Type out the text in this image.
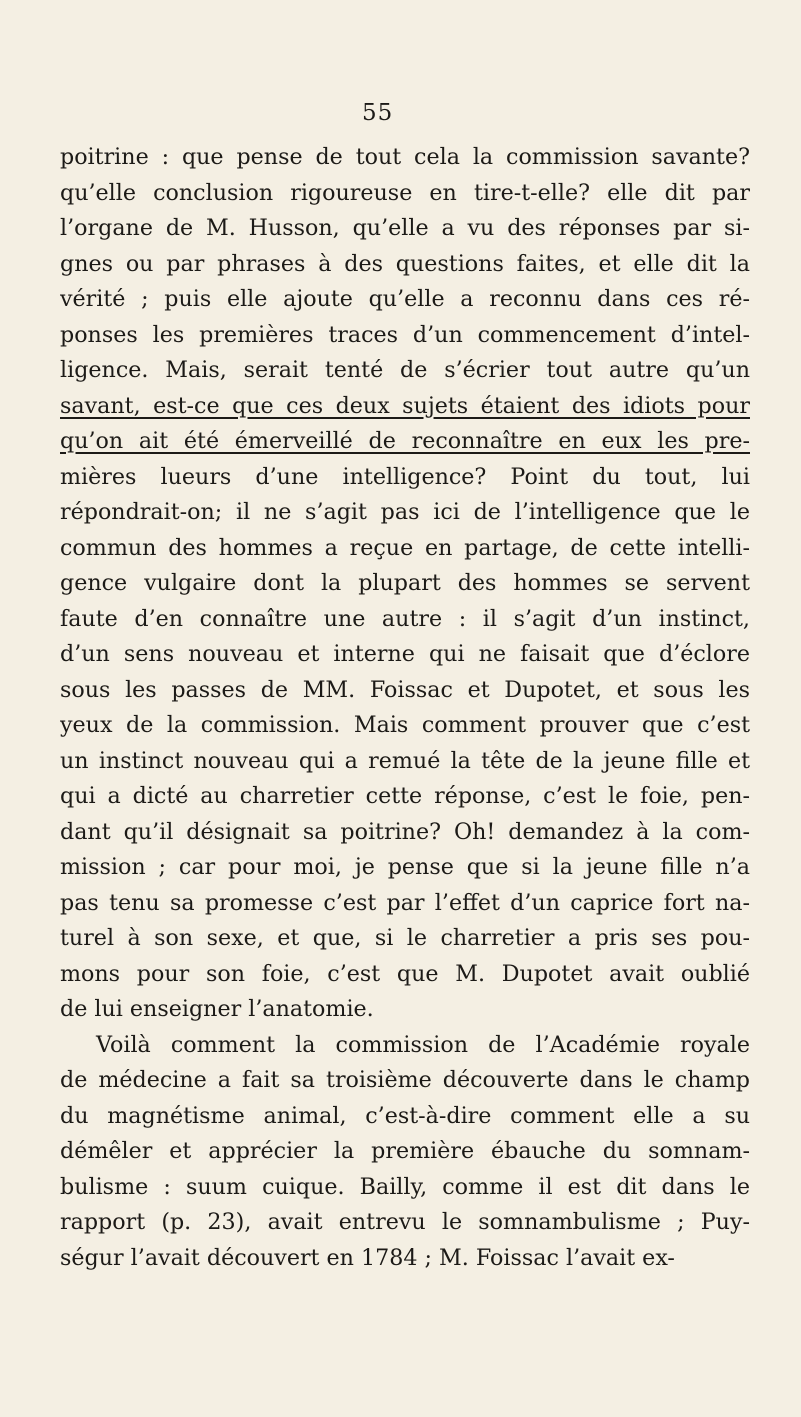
55
poitrine : que pense de tout cela la commission savante?
qu’elle conclusion rigoureuse en tire-t-elle? elle dit par
l’organe de M. Husson, qu’elle a vu des réponses par si-
gnes ou par phrases à des questions faites, et elle dit la
vérité ; puis elle ajoute qu’elle a reconnu dans ces ré-
ponses les premières traces d’un commencement d’intel-
ligence. Mais, serait tenté de s’écrier tout autre qu’un
savant, est-ce que ces deux sujets étaient des idiots pour
qu’on ait été émerveillé de reconnaître en eux les pre-
mières lueurs d’une intelligence? Point du tout, lui
répondrait-on; il ne s’agit pas ici de l’intelligence que le
commun des hommes a reçue en partage, de cette intelli-
gence vulgaire dont la plupart des hommes se servent
faute d’en connaître une autre : il s’agit d’un instinct,
d’un sens nouveau et interne qui ne faisait que d’éclore
sous les passes de MM. Foissac et Dupotet, et sous les
yeux de la commission. Mais comment prouver que c’est
un instinct nouveau qui a remué la tête de la jeune fille et
qui a dicté au charretier cette réponse, c’est le foie, pen-
dant qu’il désignait sa poitrine? Oh! demandez à la com-
mission ; car pour moi, je pense que si la jeune fille n’a
pas tenu sa promesse c’est par l’effet d’un caprice fort na-
turel à son sexe, et que, si le charretier a pris ses pou-
mons pour son foie, c’est que M. Dupotet avait oublié
de lui enseigner l’anatomie.
Voilà comment la commission de l’Académie royale
de médecine a fait sa troisième découverte dans le champ
du magnétisme animal, c’est-à-dire comment elle a su
démêler et apprécier la première ébauche du somnam-
bulisme : suum cuique. Bailly, comme il est dit dans le
rapport (p. 23), avait entrevu le somnambulisme ; Puy-
ségur l’avait découvert en 1784 ; M. Foissac l’avait ex-
